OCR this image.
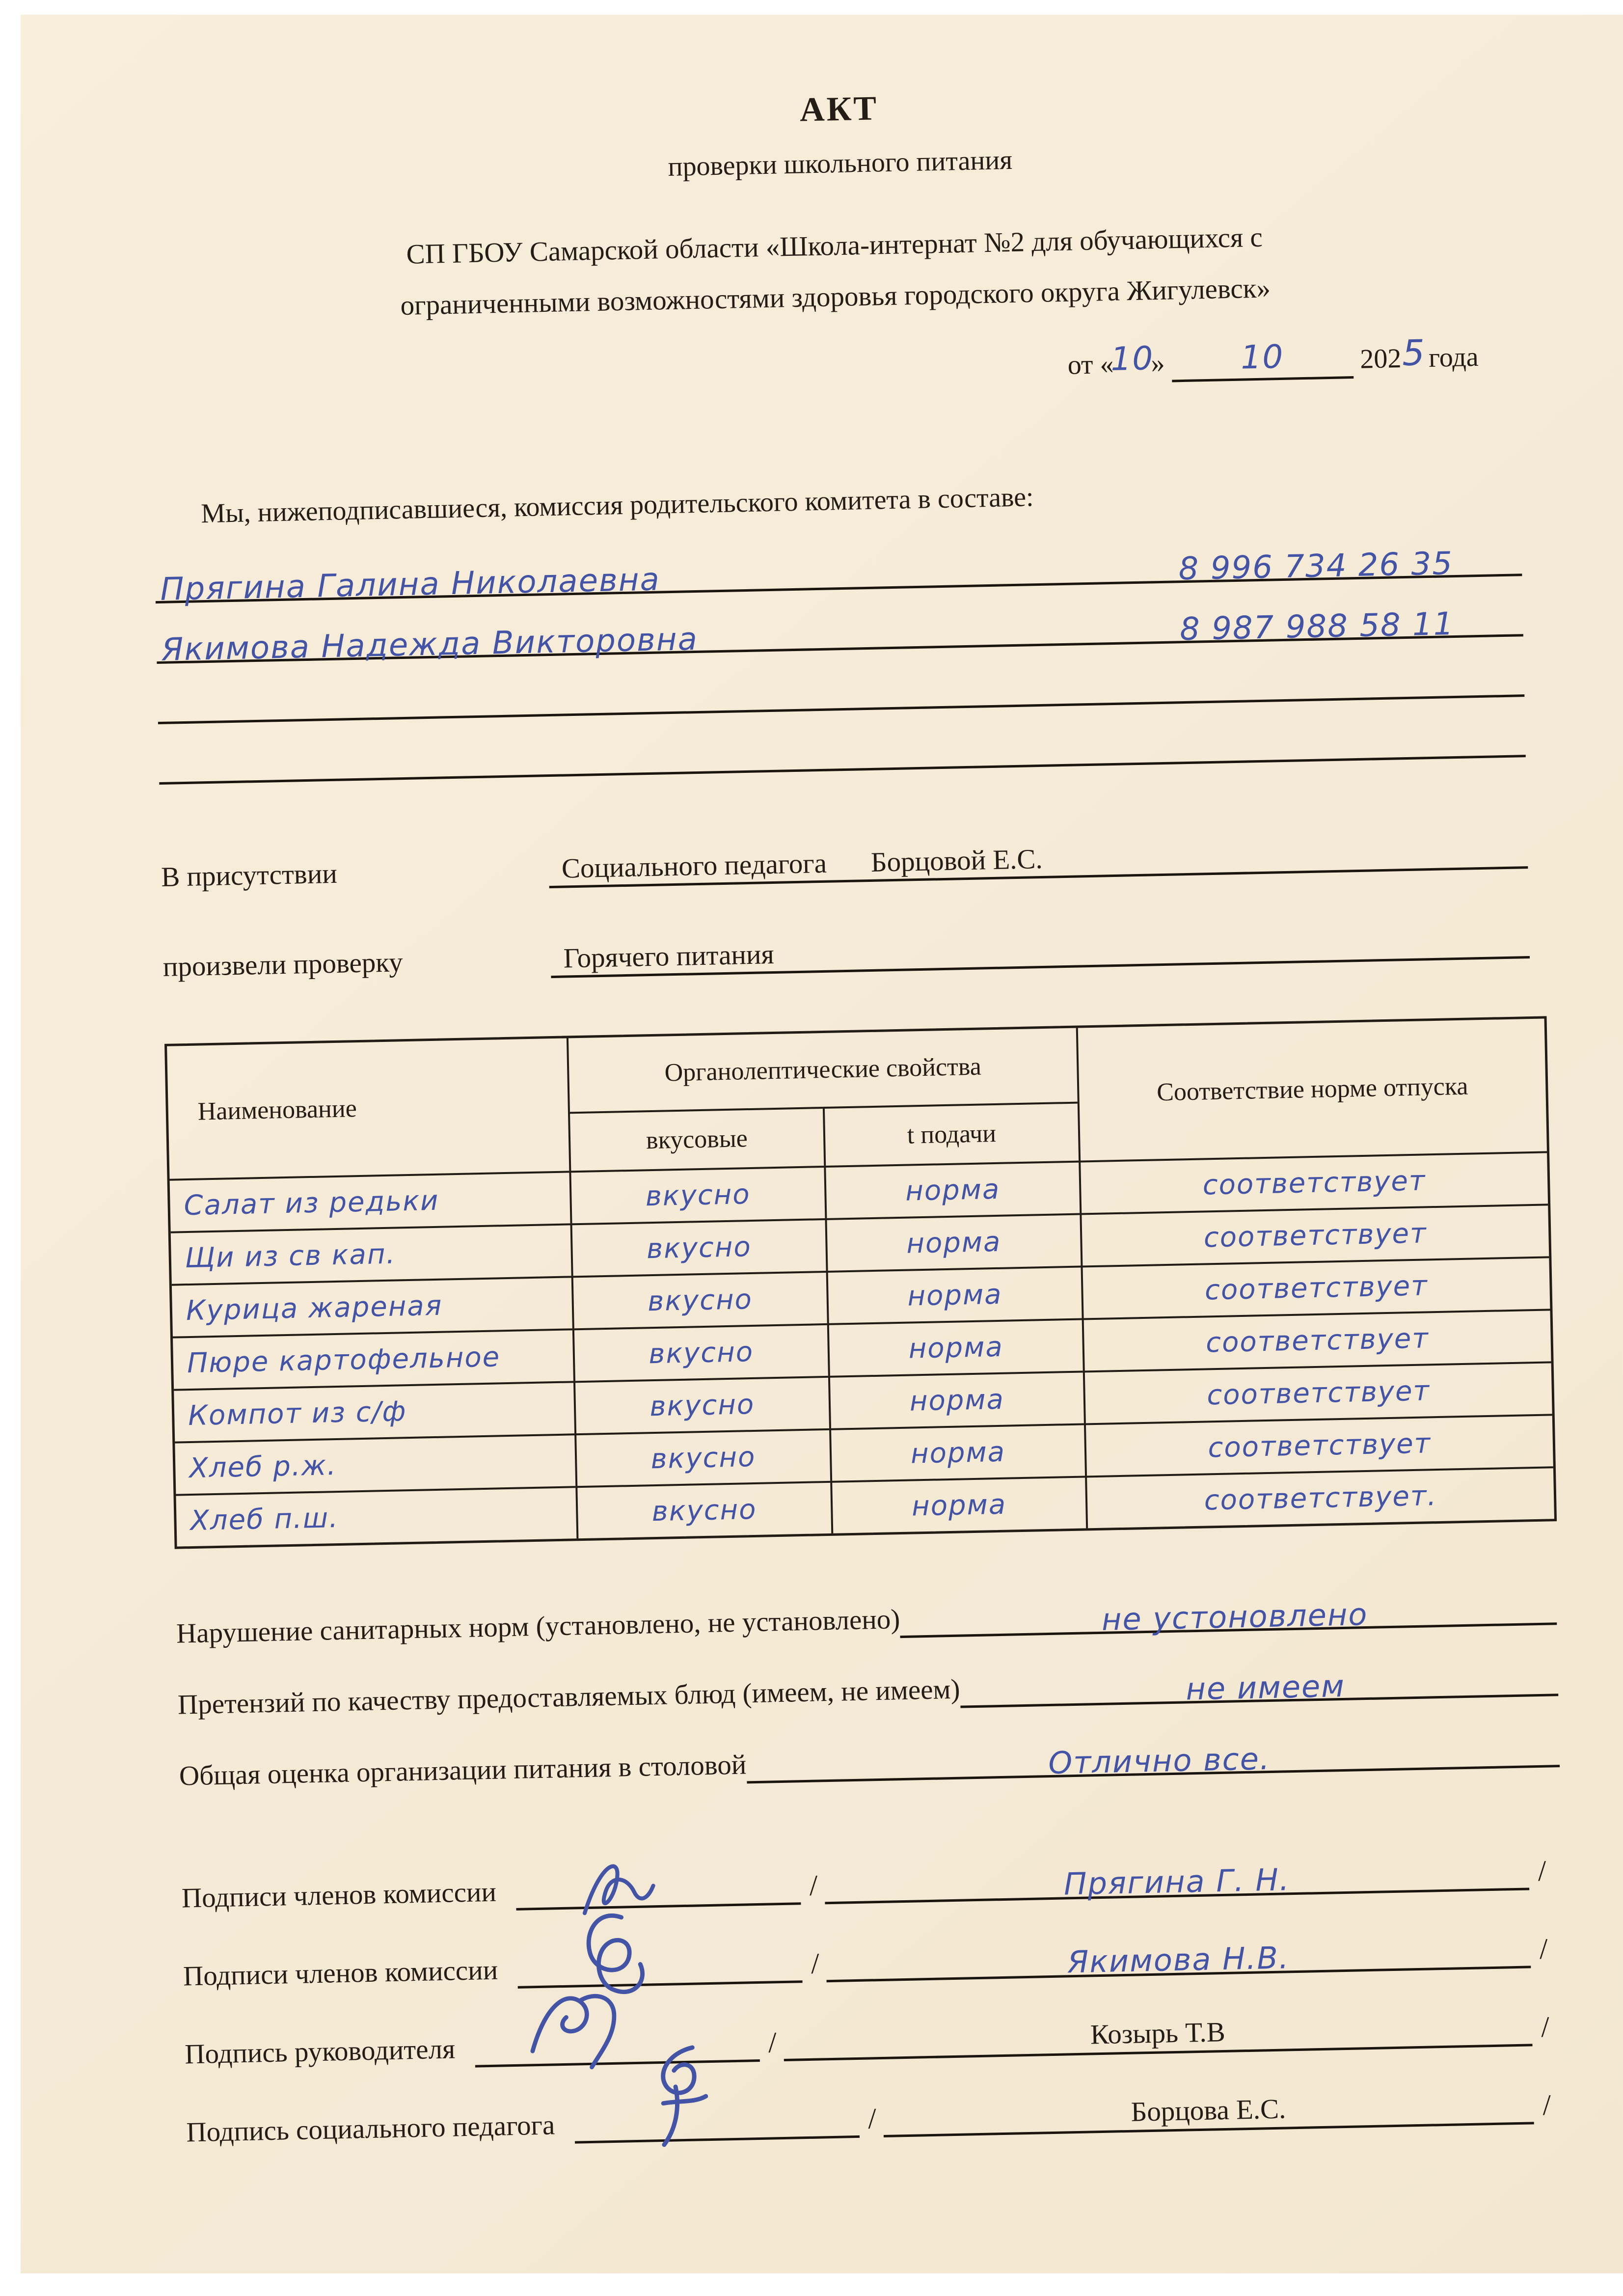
АКТ
проверки школьного питания
СП ГБОУ Самарской области «Школа-интернат №2 для обучающихся с
ограниченными возможностями здоровья городского округа Жигулевск»
от «10» 10	2025года
Мы, нижеподписавшиеся, комиссия родительского комитета в составе:
Прягина Галина Николаевна	8 996 734 26 35
Якимова Надежда Викторовна	8 987 988 58 11
В присутствии	Социального педагога Борцовой Е.С.
произвели проверку	Горячего питания
Наименование
Органолептические свойства
Соответствие норме отпуска
вкусовые	t подачи
Салат из редьки	вкусно	норма	соответствует
Щи из св кап.	вкусно	норма	соответствует
Курица жареная	вкусно	норма	соответствует
Пюре картофельное	вкусно	норма	соответствует
Компот из с/ф	вкусно	норма	соответствует
Хлеб р.ж.	вкусно	норма	соответствует
Хлеб п.ш.	вкусно	норма	соответствует.
Нарушение санитарных норм (установлено, не установлено)	не устоновлено
Претензий по качеству предоставляемых блюд (имеем, не имеем)	не имеем
Общая оценка организации питания в столовой	Отлично все.
Подписи членов комиссии	/	Прягина Г. Н.	/
Подписи членов комиссии	/	Якимова Н.В.	/
Подпись руководителя	/	Козырь Т.В	/
Подпись социального педагога	/	Борцова Е.С.	/
